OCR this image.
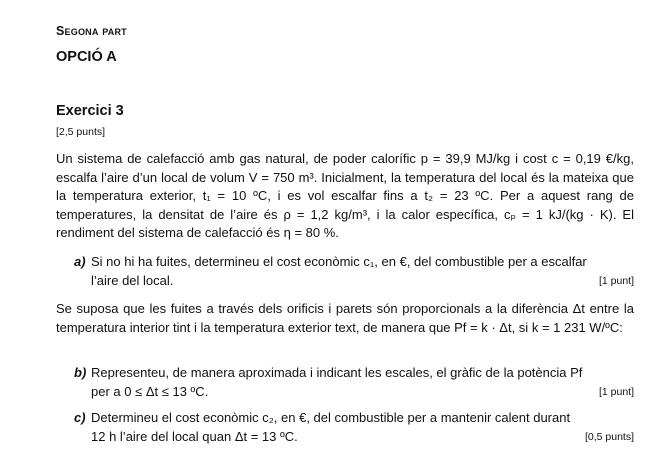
Segona part
OPCIÓ A
Exercici 3
[2,5 punts]

Un sistema de calefacció amb gas natural, de poder calorífic p = 39,9 MJ/kg i cost c = 0,19 €/kg, escalfa l’aire d’un local de volum V = 750 m³. Inicialment, la temperatura del local és la mateixa que la temperatura exterior, t₁ = 10 ºC, i es vol escalfar fins a t₂ = 23 ºC. Per a aquest rang de temperatures, la densitat de l’aire és ρ = 1,2 kg/m³, i la calor específica, cₚ = 1 kJ/(kg · K). El rendiment del sistema de calefacció és η = 80 %.

a) Si no hi ha fuites, determineu el cost econòmic c₁, en €, del combustible per a escalfar
l’aire del local.	[1 punt]

Se suposa que les fuites a través dels orificis i parets són proporcionals a la diferència Δt entre la temperatura interior tint i la temperatura exterior text, de manera que Pf = k · Δt, si k = 1 231 W/ºC:

b) Representeu, de manera aproximada i indicant les escales, el gràfic de la potència Pf
per a 0 ≤ Δt ≤ 13 ºC.	[1 punt]
c) Determineu el cost econòmic c₂, en €, del combustible per a mantenir calent durant
12 h l’aire del local quan Δt = 13 ºC.	[0,5 punts]
